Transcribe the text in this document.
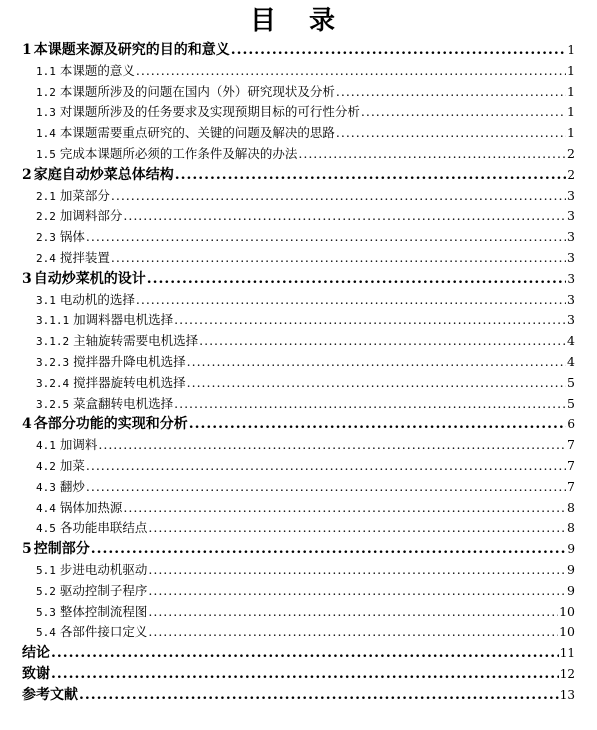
目 录
1 本课题来源及研究的目的和意义 .....	1
1.1 本课题的意义 .....	1
1.2 本课题所涉及的问题在国内（外）研究现状及分析 .....	1
1.3 对课题所涉及的任务要求及实现预期目标的可行性分析 .....	1
1.4 本课题需要重点研究的、关键的问题及解决的思路 .....	1
1.5 完成本课题所必须的工作条件及解决的办法 .....	2
2 家庭自动炒菜总体结构 .....	2
2.1 加菜部分 .....	3
2.2 加调料部分 .....	3
2.3 锅体 .....	3
2.4 搅拌装置 .....	3
3 自动炒菜机的设计 .....	3
3.1 电动机的选择 .....	3
3.1.1 加调料器电机选择 .....	3
3.1.2 主轴旋转需要电机选择 .....	4
3.2.3 搅拌器升降电机选择 .....	4
3.2.4 搅拌器旋转电机选择 .....	5
3.2.5 菜盒翻转电机选择 .....	5
4 各部分功能的实现和分析 .....	6
4.1 加调料 .....	7
4.2 加菜 .....	7
4.3 翻炒 .....	7
4.4 锅体加热源 .....	8
4.5 各功能串联结点 .....	8
5 控制部分 .....	9
5.1 步进电动机驱动 .....	9
5.2 驱动控制子程序 .....	9
5.3 整体控制流程图 .....	10
5.4 各部件接口定义 .....	10
结论 .....	11
致谢 .....	12
参考文献 .....	13
